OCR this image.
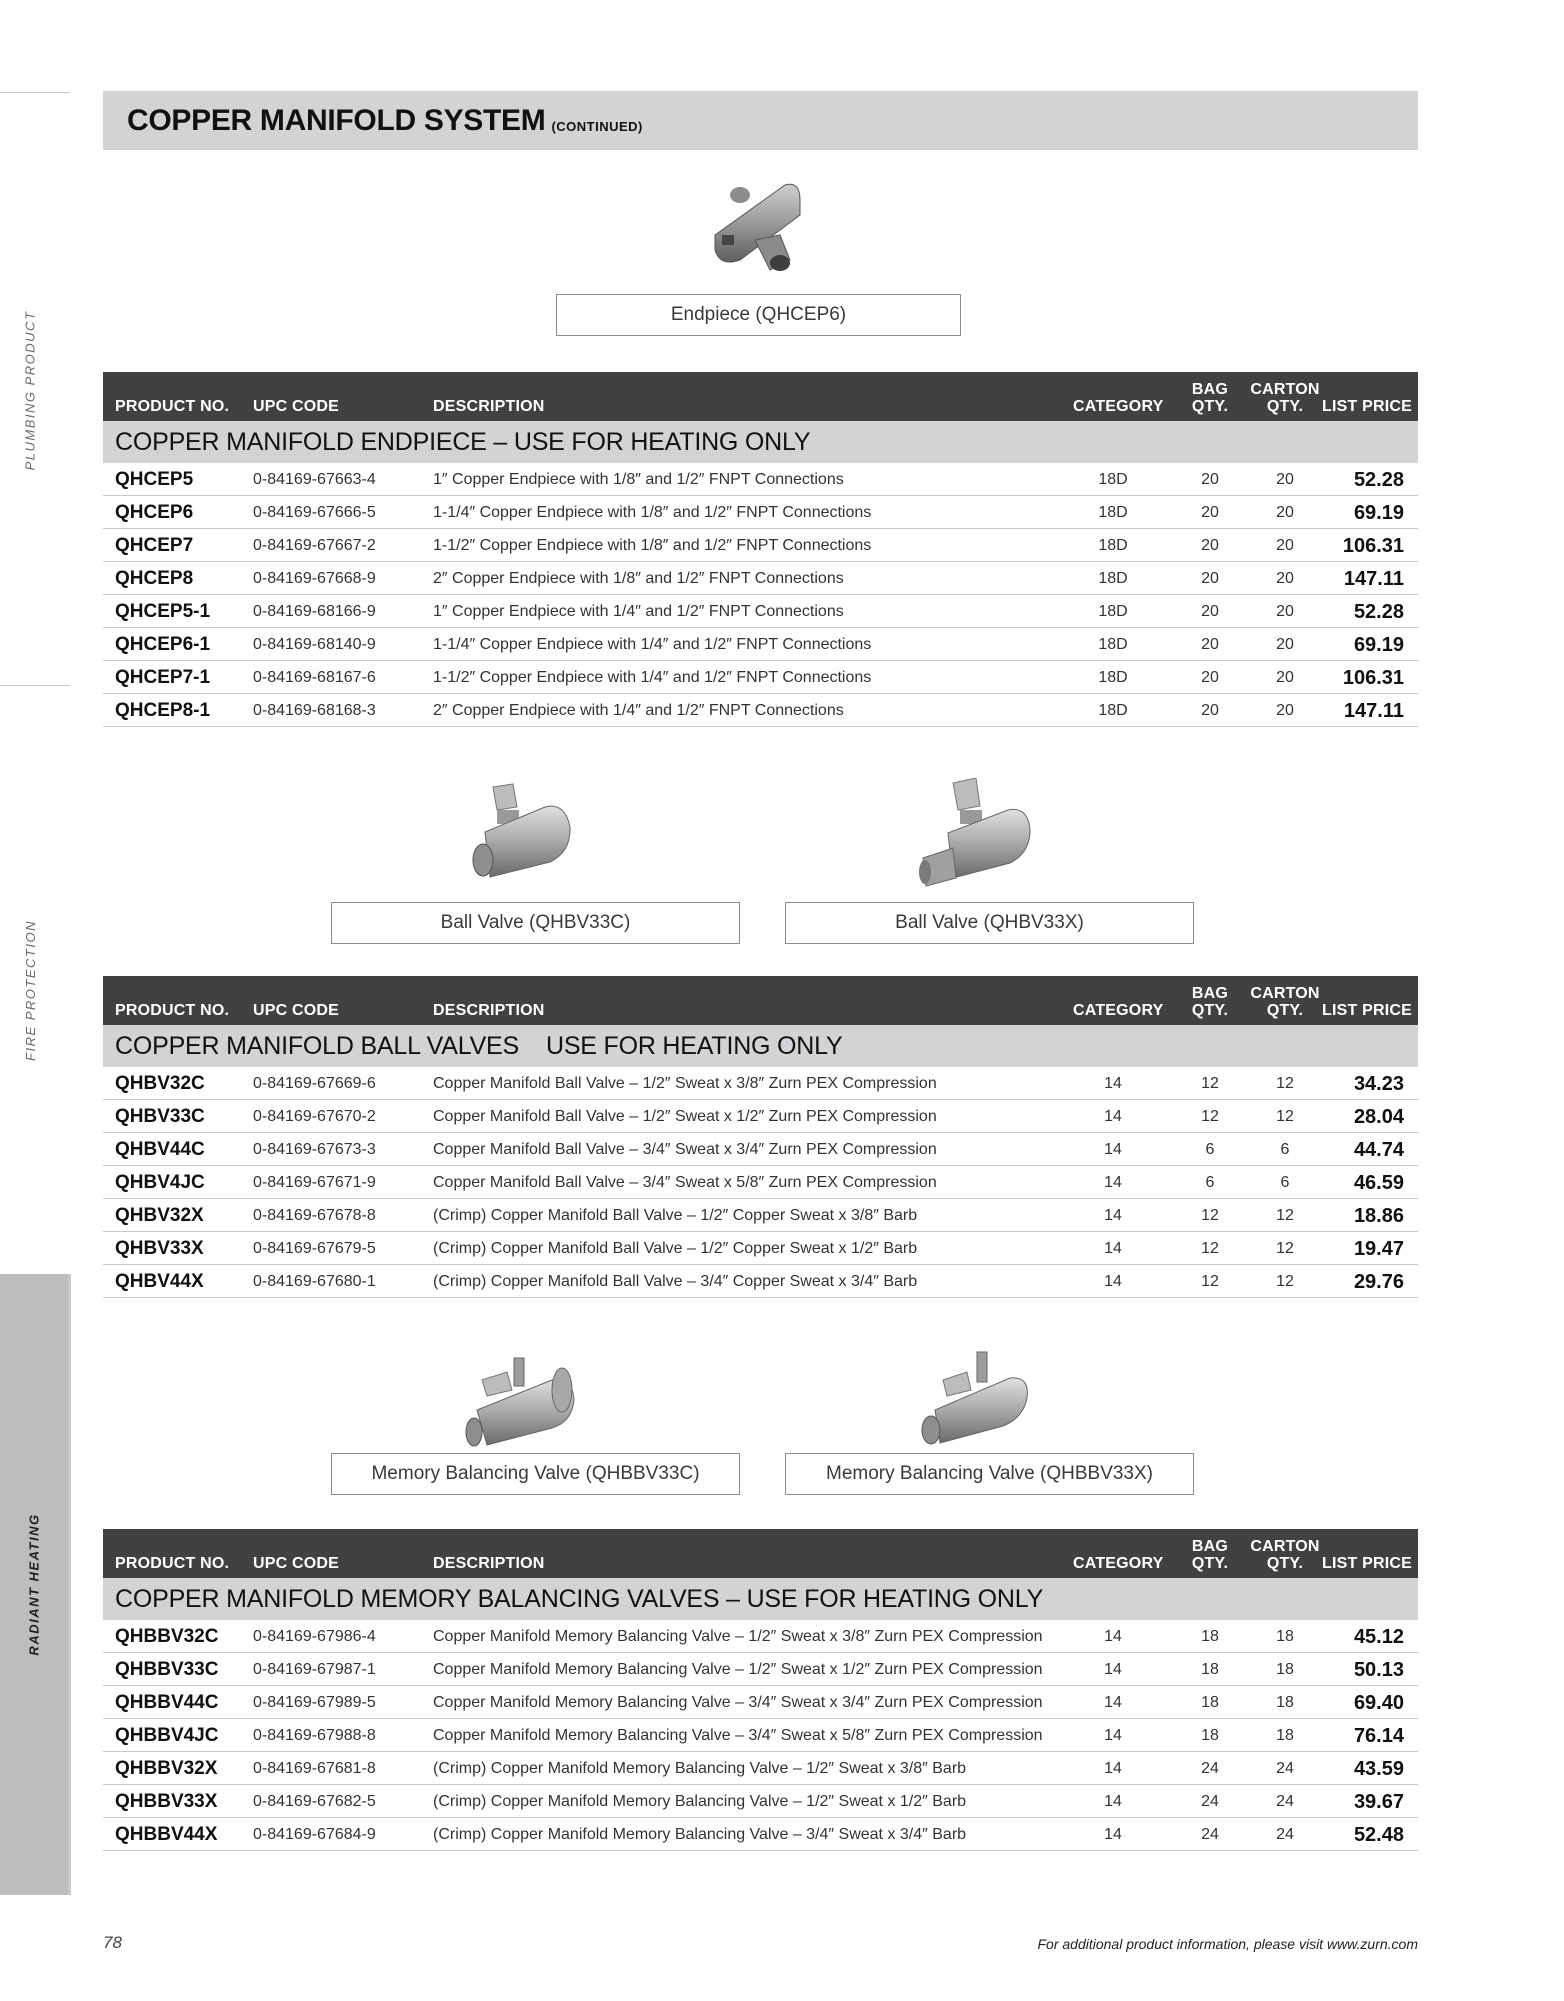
PLUMBING PRODUCT
FIRE PROTECTION
RADIANT HEATING
COPPER MANIFOLD SYSTEM (CONTINUED)
Endpiece (QHCEP6)
PRODUCT NO. UPC CODE	DESCRIPTION	CATEGORY
BAG
QTY.
CARTON
QTY.	LIST PRICE
COPPER MANIFOLD ENDPIECE – USE FOR HEATING ONLY
QHCEP5	0-84169-67663-4	1″ Copper Endpiece with 1/8″ and 1/2″ FNPT Connections	18D	20	20	52.28
QHCEP6	0-84169-67666-5	1-1/4″ Copper Endpiece with 1/8″ and 1/2″ FNPT Connections	18D	20	20	69.19
QHCEP7	0-84169-67667-2	1-1/2″ Copper Endpiece with 1/8″ and 1/2″ FNPT Connections	18D	20	20	106.31
QHCEP8	0-84169-67668-9	2″ Copper Endpiece with 1/8″ and 1/2″ FNPT Connections	18D	20	20	147.11
QHCEP5-1	0-84169-68166-9	1″ Copper Endpiece with 1/4″ and 1/2″ FNPT Connections	18D	20	20	52.28
QHCEP6-1	0-84169-68140-9	1-1/4″ Copper Endpiece with 1/4″ and 1/2″ FNPT Connections	18D	20	20	69.19
QHCEP7-1	0-84169-68167-6	1-1/2″ Copper Endpiece with 1/4″ and 1/2″ FNPT Connections	18D	20	20	106.31
QHCEP8-1	0-84169-68168-3	2″ Copper Endpiece with 1/4″ and 1/2″ FNPT Connections	18D	20	20	147.11
Ball Valve (QHBV33C)	Ball Valve (QHBV33X)
PRODUCT NO. UPC CODE	DESCRIPTION	CATEGORY
BAG
QTY.
CARTON
QTY.	LIST PRICE
COPPER MANIFOLD BALL VALVES    USE FOR HEATING ONLY
QHBV32C	0-84169-67669-6	Copper Manifold Ball Valve – 1/2″ Sweat x 3/8″ Zurn PEX Compression	14	12	12	34.23
QHBV33C	0-84169-67670-2	Copper Manifold Ball Valve – 1/2″ Sweat x 1/2″ Zurn PEX Compression	14	12	12	28.04
QHBV44C	0-84169-67673-3	Copper Manifold Ball Valve – 3/4″ Sweat x 3/4″ Zurn PEX Compression	14	6	6	44.74
QHBV4JC	0-84169-67671-9	Copper Manifold Ball Valve – 3/4″ Sweat x 5/8″ Zurn PEX Compression	14	6	6	46.59
QHBV32X	0-84169-67678-8	(Crimp) Copper Manifold Ball Valve – 1/2″ Copper Sweat x 3/8″ Barb	14	12	12	18.86
QHBV33X	0-84169-67679-5	(Crimp) Copper Manifold Ball Valve – 1/2″ Copper Sweat x 1/2″ Barb	14	12	12	19.47
QHBV44X	0-84169-67680-1	(Crimp) Copper Manifold Ball Valve – 3/4″ Copper Sweat x 3/4″ Barb	14	12	12	29.76
Memory Balancing Valve (QHBBV33C)	Memory Balancing Valve (QHBBV33X)
PRODUCT NO. UPC CODE	DESCRIPTION	CATEGORY
BAG
QTY.
CARTON
QTY.	LIST PRICE
COPPER MANIFOLD MEMORY BALANCING VALVES – USE FOR HEATING ONLY
QHBBV32C 0-84169-67986-4	Copper Manifold Memory Balancing Valve – 1/2″ Sweat x 3/8″ Zurn PEX Compression	14	18	18	45.12
QHBBV33C 0-84169-67987-1	Copper Manifold Memory Balancing Valve – 1/2″ Sweat x 1/2″ Zurn PEX Compression	14	18	18	50.13
QHBBV44C 0-84169-67989-5	Copper Manifold Memory Balancing Valve – 3/4″ Sweat x 3/4″ Zurn PEX Compression	14	18	18	69.40
QHBBV4JC 0-84169-67988-8	Copper Manifold Memory Balancing Valve – 3/4″ Sweat x 5/8″ Zurn PEX Compression	14	18	18	76.14
QHBBV32X 0-84169-67681-8	(Crimp) Copper Manifold Memory Balancing Valve – 1/2″ Sweat x 3/8″ Barb	14	24	24	43.59
QHBBV33X 0-84169-67682-5	(Crimp) Copper Manifold Memory Balancing Valve – 1/2″ Sweat x 1/2″ Barb	14	24	24	39.67
QHBBV44X 0-84169-67684-9	(Crimp) Copper Manifold Memory Balancing Valve – 3/4″ Sweat x 3/4″ Barb	14	24	24	52.48
78	For additional product information, please visit www.zurn.com
